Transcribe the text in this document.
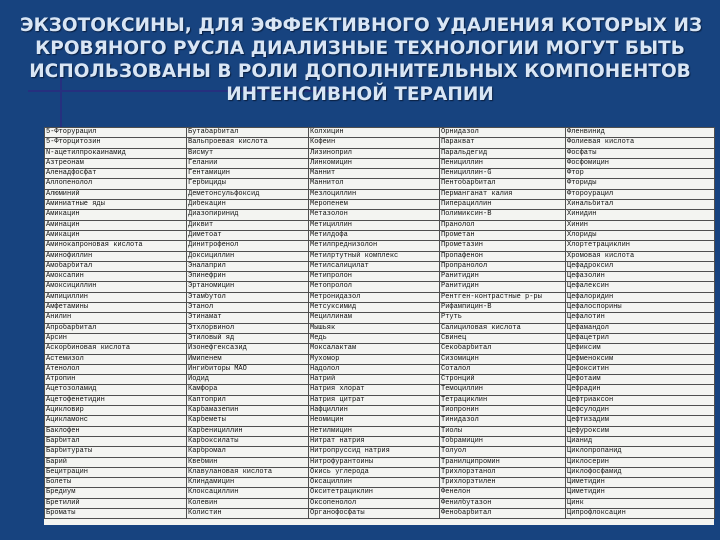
ЭКЗОТОКСИНЫ, ДЛЯ ЭФФЕКТИВНОГО УДАЛЕНИЯ КОТОРЫХ ИЗ
КРОВЯНОГО РУСЛА ДИАЛИЗНЫЕ ТЕХНОЛОГИИ МОГУТ БЫТЬ
ИСПОЛЬЗОВАНЫ В РОЛИ ДОПОЛНИТЕЛЬНЫХ КОМПОНЕНТОВ
ИНТЕНСИВНОЙ ТЕРАПИИ
5-Фторурацил	Бутабарбитал	Колхицин	Орнидазол	Фленвинид
5-Фторцитозин	Вальпроевая кислота	Кофеин	Паракват	Фолиевая кислота
N-ацетилпрокаинамид	Висмут	Лизиноприл	Паральдегид	Фосфаты
Азтреонам	Гелании	Линкомицин	Пенициллин	Фосфомицин
Аленадфосфат	Гентамицин	Маннит	Пенициллин-G	Фтор
Аллопенолол	Гербициды	Маннитол	Пентобарбитал	Фториды
Алюминий	Деметонсульфоксид	Мезлоциллин	Перманганат калия	Фтороурацил
Аминиатные яды	Дибекацин	Меропенем	Пиперациллин	Хинальбитал
Амикацин	Диазопиринид	Метазолон	Полимиксин-В	Хинидин
Аминацин	Диквит	Метициллин	Пранолол	Хинин
Амикацин	Диметоат	Метилдофа	Прометан	Хлориды
Аминокапроновая кислота	Динитрофенол	Метилпреднизолон	Прометазин	Хлортетрациклин
Аминофиллин	Доксициллин	Метилртутный комплекс	Пропафенон	Хромовая кислота
Амобарбитал	Эналаприл	Метилсалицилат	Пропранолол	Цефадроксил
Амоксапин	Эпинефрин	Метипролон	Ранитидин	Цефазолин
Амоксициллин	Эртаномицин	Метопролол	Ранитидин	Цефалексин
Ампициллин	Этамбутол	Метронидазол	Рентген-контрастные р-ры	Цефалоридин
Амфетамины	Этанол	Метсуксимид	Рифампицин-В	Цефалоспорины
Анилин	Этинамат	Мециллинам	Ртуть	Цефалотин
Апробарбитал	Этхлорвинол	Мышьяк	Салициловая кислота	Цефамандол
Арсин	Этиловый яд	Медь	Свинец	Цефацетрил
Аскорбиновая кислота	Изонефгексазид	Моксалактам	Секобарбитал	Цефиксим
Астемизол	Имипенем	Мухомор	Сизомицин	Цефменоксим
Атенолол	Ингибиторы МАО	Надолол	Соталол	Цефокситин
Атропин	Йодид	Натрий	Стронций	Цефотаим
Ацетозоламид	Камфора	Натрия хлорат	Темоциллин	Цефрадин
Ацетофенетидин	Каптоприл	Натрия цитрат	Тетрациклин	Цефтриаксон
Ацикловир	Карбамазепин	Нафциллин	Тиопронин	Цефсулодин
Ацикламонс	Карбеметы	Неомицин	Тинидазол	Цефтизадим
Баклофен	Карбенициллин	Нетилмицин	Тиолы	Цефуроксим
Барбитал	Карбоксилаты	Нитрат натрия	Тобрамицин	Цианид
Барбитураты	Карбромал	Нитропруссид натрия	Толуол	Циклопропанид
Барий	Квебмин	Нитрофурантоины	Транилципромин	Циклосерин
Бецитрацин	Клавулановая кислота	Окись углерода	Трихлорэтанол	Циклофосфамид
Болеты	Клиндамицин	Оксациллин	Трихлорэтилен	Циметидин
Бредиум	Клоксациллин	Окситетрациклин	Фенелон	Циметидин
Бретилий	Колевин	Оксопенолол	Фенилбутазон	Цинк
Броматы	Колистин	Органофосфаты	Фенобарбитал	Ципрофлоксацин
